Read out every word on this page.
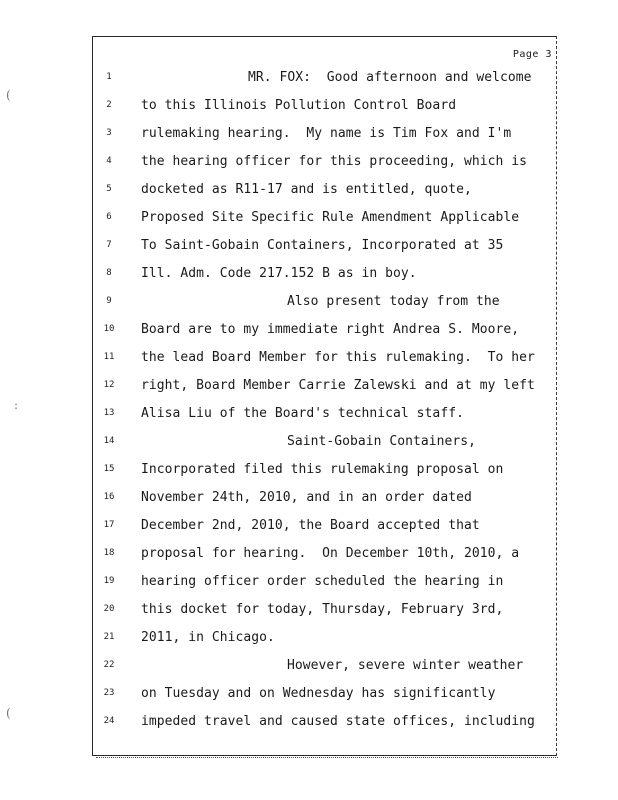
(
:
(
Page 3
1	MR. FOX:  Good afternoon and welcome
2	to this Illinois Pollution Control Board
3	rulemaking hearing.  My name is Tim Fox and I'm
4	the hearing officer for this proceeding, which is
5	docketed as R11-17 and is entitled, quote,
6	Proposed Site Specific Rule Amendment Applicable
7	To Saint-Gobain Containers, Incorporated at 35
8	Ill. Adm. Code 217.152 B as in boy.
9	Also present today from the
10	Board are to my immediate right Andrea S. Moore,
11	the lead Board Member for this rulemaking.  To her
12	right, Board Member Carrie Zalewski and at my left
13	Alisa Liu of the Board's technical staff.
14	Saint-Gobain Containers,
15	Incorporated filed this rulemaking proposal on
16	November 24th, 2010, and in an order dated
17	December 2nd, 2010, the Board accepted that
18	proposal for hearing.  On December 10th, 2010, a
19	hearing officer order scheduled the hearing in
20	this docket for today, Thursday, February 3rd,
21	2011, in Chicago.
22	However, severe winter weather
23	on Tuesday and on Wednesday has significantly
24	impeded travel and caused state offices, including
